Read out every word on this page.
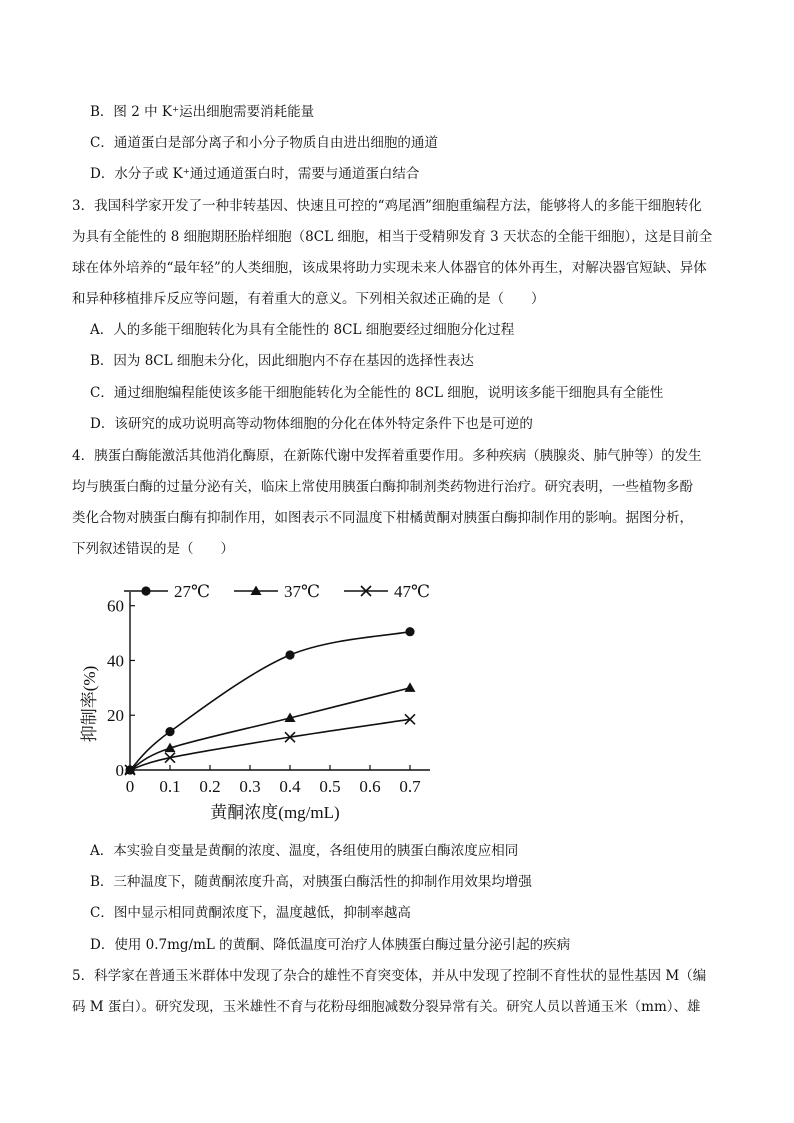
B．图 2 中 K⁺运出细胞需要消耗能量
C．通道蛋白是部分离子和小分子物质自由进出细胞的通道
D．水分子或 K⁺通过通道蛋白时，需要与通道蛋白结合
3．我国科学家开发了一种非转基因、快速且可控的“鸡尾酒”细胞重编程方法，能够将人的多能干细胞转化
为具有全能性的 8 细胞期胚胎样细胞（8CL 细胞，相当于受精卵发育 3 天状态的全能干细胞），这是目前全
球在体外培养的“最年轻”的人类细胞，该成果将助力实现未来人体器官的体外再生，对解决器官短缺、异体
和异种移植排斥反应等问题，有着重大的意义。下列相关叙述正确的是（　　）
A．人的多能干细胞转化为具有全能性的 8CL 细胞要经过细胞分化过程
B．因为 8CL 细胞未分化，因此细胞内不存在基因的选择性表达
C．通过细胞编程能使该多能干细胞能转化为全能性的 8CL 细胞，说明该多能干细胞具有全能性
D．该研究的成功说明高等动物体细胞的分化在体外特定条件下也是可逆的
4．胰蛋白酶能激活其他消化酶原，在新陈代谢中发挥着重要作用。多种疾病（胰腺炎、肺气肿等）的发生
均与胰蛋白酶的过量分泌有关，临床上常使用胰蛋白酶抑制剂类药物进行治疗。研究表明，一些植物多酚
类化合物对胰蛋白酶有抑制作用，如图表示不同温度下柑橘黄酮对胰蛋白酶抑制作用的影响。据图分析，
下列叙述错误的是（　　）
0 0.1 0.2 0.3 0.4 0.5 0.6 0.7
0
20
40
60
27℃	37℃	47℃
黄酮浓度(mg/mL)
抑制率(%)
A．本实验自变量是黄酮的浓度、温度，各组使用的胰蛋白酶浓度应相同
B．三种温度下，随黄酮浓度升高，对胰蛋白酶活性的抑制作用效果均增强
C．图中显示相同黄酮浓度下，温度越低，抑制率越高
D．使用 0.7mg/mL 的黄酮、降低温度可治疗人体胰蛋白酶过量分泌引起的疾病
5．科学家在普通玉米群体中发现了杂合的雄性不育突变体，并从中发现了控制不育性状的显性基因 M（编
码 M 蛋白）。研究发现，玉米雄性不育与花粉母细胞减数分裂异常有关。研究人员以普通玉米（mm）、雄
